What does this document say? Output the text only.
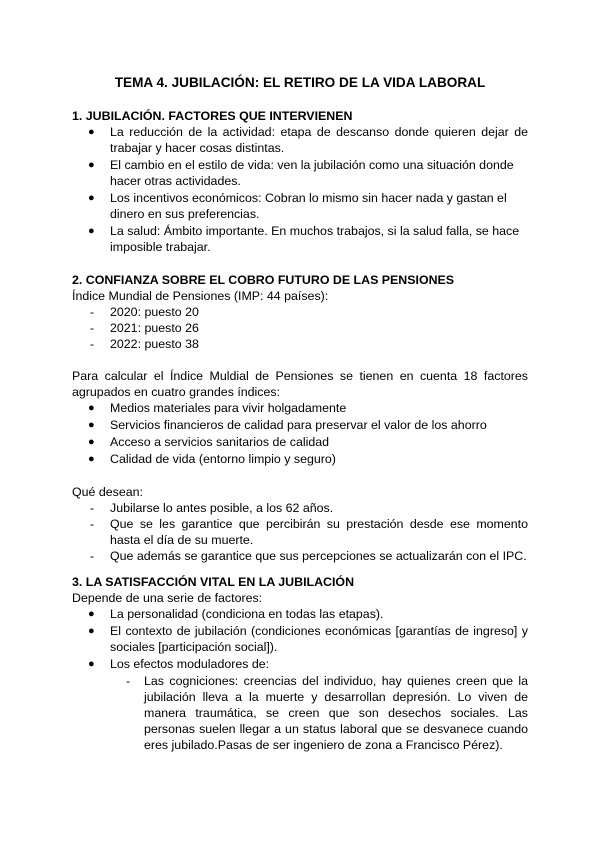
TEMA 4. JUBILACIÓN: EL RETIRO DE LA VIDA LABORAL

1. JUBILACIÓN. FACTORES QUE INTERVIENEN
● La reducción de la actividad: etapa de descanso donde quieren dejar de trabajar y hacer cosas distintas.
● El cambio en el estilo de vida: ven la jubilación como una situación donde hacer otras actividades.
● Los incentivos económicos: Cobran lo mismo sin hacer nada y gastan el dinero en sus preferencias.
● La salud: Ámbito importante. En muchos trabajos, si la salud falla, se hace imposible trabajar.
2. CONFIANZA SOBRE EL COBRO FUTURO DE LAS PENSIONES

Índice Mundial de Pensiones (IMP: 44 países):

- 2020: puesto 20
- 2021: puesto 26
- 2022: puesto 38

Para calcular el Índice Muldial de Pensiones se tienen en cuenta 18 factores agrupados en cuatro grandes índices:

● Medios materiales para vivir holgadamente
● Servicios financieros de calidad para preservar el valor de los ahorro
● Acceso a servicios sanitarios de calidad
● Calidad de vida (entorno limpio y seguro)

Qué desean:

- Jubilarse lo antes posible, a los 62 años.
- Que se les garantice que percibirán su prestación desde ese momento hasta el día de su muerte.
- Que además se garantice que sus percepciones se actualizarán con el IPC.
3. LA SATISFACCIÓN VITAL EN LA JUBILACIÓN

Depende de una serie de factores:

● La personalidad (condiciona en todas las etapas).
● El contexto de jubilación (condiciones económicas [garantías de ingreso] y sociales [participación social]).
● Los efectos moduladores de:
- Las cogniciones: creencias del individuo, hay quienes creen que la jubilación lleva a la muerte y desarrollan depresión. Lo viven de manera traumática, se creen que son desechos sociales. Las personas suelen llegar a un status laboral que se desvanece cuando eres jubilado.Pasas de ser ingeniero de zona a Francisco Pérez).
